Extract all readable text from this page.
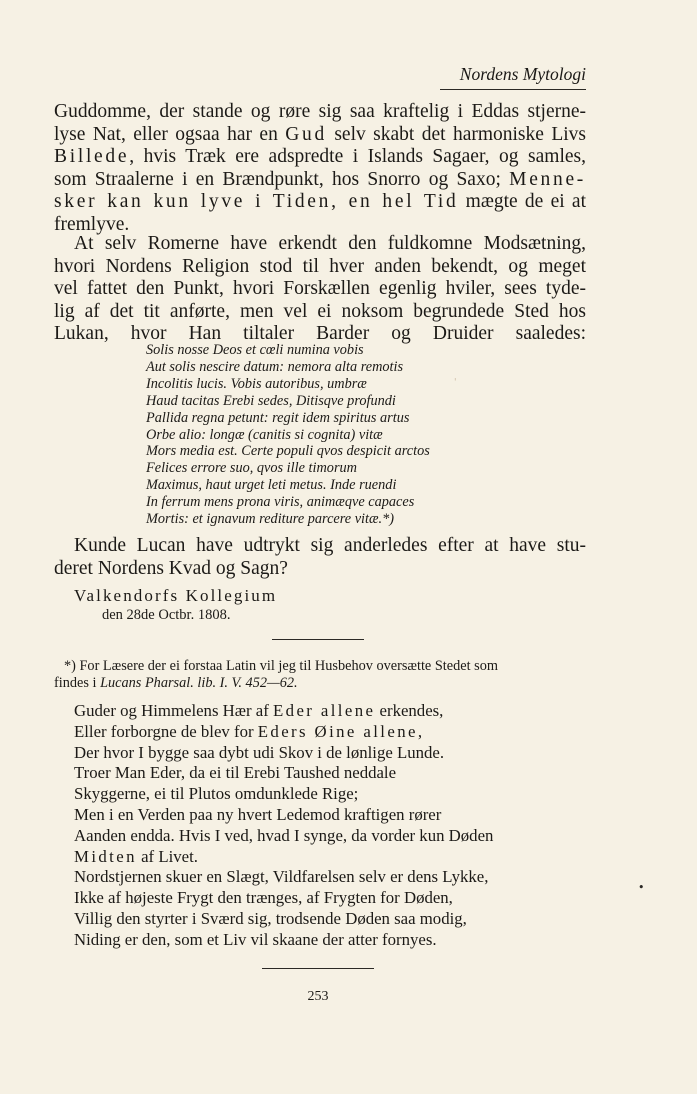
Nordens Mytologi
Guddomme, der stande og røre sig saa kraftelig i Eddas stjerne-
lyse Nat, eller ogsaa har en Gud selv skabt det harmoniske Livs
Billede, hvis Træk ere adspredte i Islands Sagaer, og samles,
som Straalerne i en Brændpunkt, hos Snorro og Saxo; Menne-
sker kan kun lyve i Tiden, en hel Tid mægte de ei at
fremlyve.
At selv Romerne have erkendt den fuldkomne Modsætning,
hvori Nordens Religion stod til hver anden bekendt, og meget
vel fattet den Punkt, hvori Forskællen egenlig hviler, sees tyde-
lig af det tit anførte, men vel ei noksom begrundede Sted hos
Lukan, hvor Han tiltaler Barder og Druider saaledes:
Solis nosse Deos et cœli numina vobis
Aut solis nescire datum: nemora alta remotis
Incolitis lucis. Vobis autoribus, umbræ
Haud tacitas Erebi sedes, Ditisqve profundi
Pallida regna petunt: regit idem spiritus artus
Orbe alio: longæ (canitis si cognita) vitæ
Mors media est. Certe populi qvos despicit arctos
Felices errore suo, qvos ille timorum
Maximus, haut urget leti metus. Inde ruendi
In ferrum mens prona viris, animæqve capaces
Mortis: et ignavum rediture parcere vitæ.*)
Kunde Lucan have udtrykt sig anderledes efter at have stu-
deret Nordens Kvad og Sagn?
Valkendorfs Kollegium
den 28de Octbr. 1808.
*) For Læsere der ei forstaa Latin vil jeg til Husbehov oversætte Stedet som
findes i Lucans Pharsal. lib. I. V. 452—62.
Guder og Himmelens Hær af Eder allene erkendes,
Eller forborgne de blev for Eders Øine allene,
Der hvor I bygge saa dybt udi Skov i de lønlige Lunde.
Troer Man Eder, da ei til Erebi Taushed neddale
Skyggerne, ei til Plutos omdunklede Rige;
Men i en Verden paa ny hvert Ledemod kraftigen rører
Aanden endda. Hvis I ved, hvad I synge, da vorder kun Døden
Midten af Livet.
Nordstjernen skuer en Slægt, Vildfarelsen selv er dens Lykke,
Ikke af højeste Frygt den trænges, af Frygten for Døden,
Villig den styrter i Sværd sig, trodsende Døden saa modig,
Niding er den, som et Liv vil skaane der atter fornyes.
253
'
•
